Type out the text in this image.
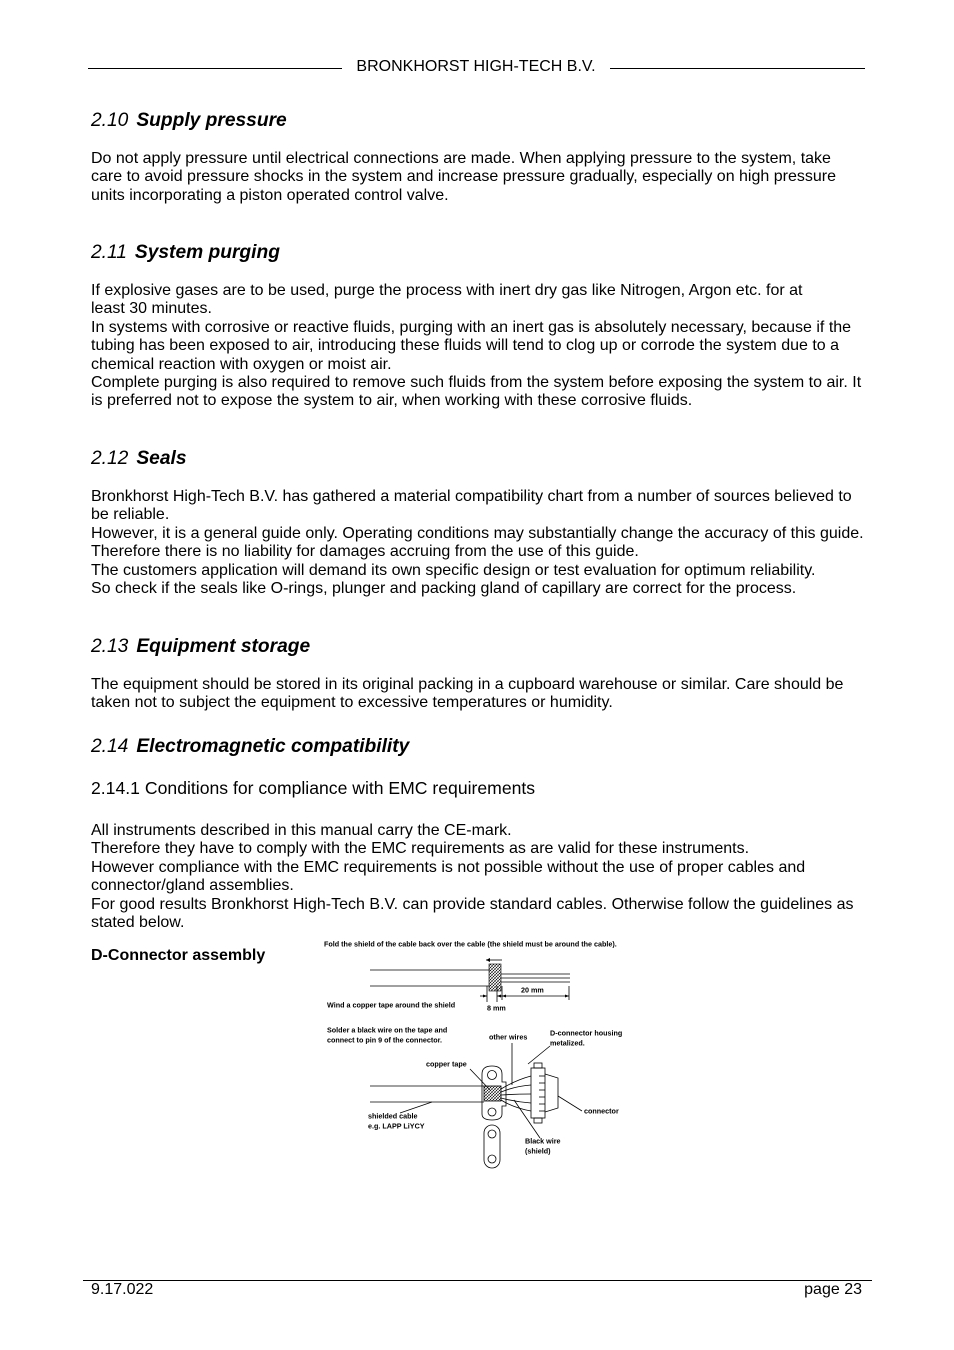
BRONKHORST HIGH-TECH B.V.
2.10 Supply pressure
Do not apply pressure until electrical connections are made. When applying pressure to the system, take
care to avoid pressure shocks in the system and increase pressure gradually, especially on high pressure
units incorporating a piston operated control valve.
2.11 System purging
If explosive gases are to be used, purge the process with inert dry gas like Nitrogen, Argon etc. for at
least 30 minutes.
In systems with corrosive or reactive fluids, purging with an inert gas is absolutely necessary, because if the
tubing has been exposed to air, introducing these fluids will tend to clog up or corrode the system due to a
chemical reaction with oxygen or moist air.
Complete purging is also required to remove such fluids from the system before exposing the system to air. It
is preferred not to expose the system to air, when working with these corrosive fluids.
2.12 Seals
Bronkhorst High-Tech B.V. has gathered a material compatibility chart from a number of sources believed to
be reliable.
However, it is a general guide only. Operating conditions may substantially change the accuracy of this guide.
Therefore there is no liability for damages accruing from the use of this guide.
The customers application will demand its own specific design or test evaluation for optimum reliability.
So check if the seals like O-rings, plunger and packing gland of capillary are correct for the process.
2.13 Equipment storage
The equipment should be stored in its original packing in a cupboard warehouse or similar. Care should be
taken not to subject the equipment to excessive temperatures or humidity.
2.14 Electromagnetic compatibility
2.14.1 Conditions for compliance with EMC requirements
All instruments described in this manual carry the CE-mark.
Therefore they have to comply with the EMC requirements as are valid for these instruments.
However compliance with the EMC requirements is not possible without the use of proper cables and
connector/gland assemblies.
For good results Bronkhorst High-Tech B.V. can provide standard cables. Otherwise follow the guidelines as
stated below.
D-Connector assembly
Fold the shield of the cable back over the cable (the shield must be around the cable).
20 mm
Wind a copper tape around the shield	8 mm
Solder a black wire on the tape and
connect to pin 9 of the connector.	other wires	D-connector housing
metalized.
copper tape
connector
shielded cable
e.g. LAPP LiYCY
Black wire
(shield)
9.17.022	page 23
